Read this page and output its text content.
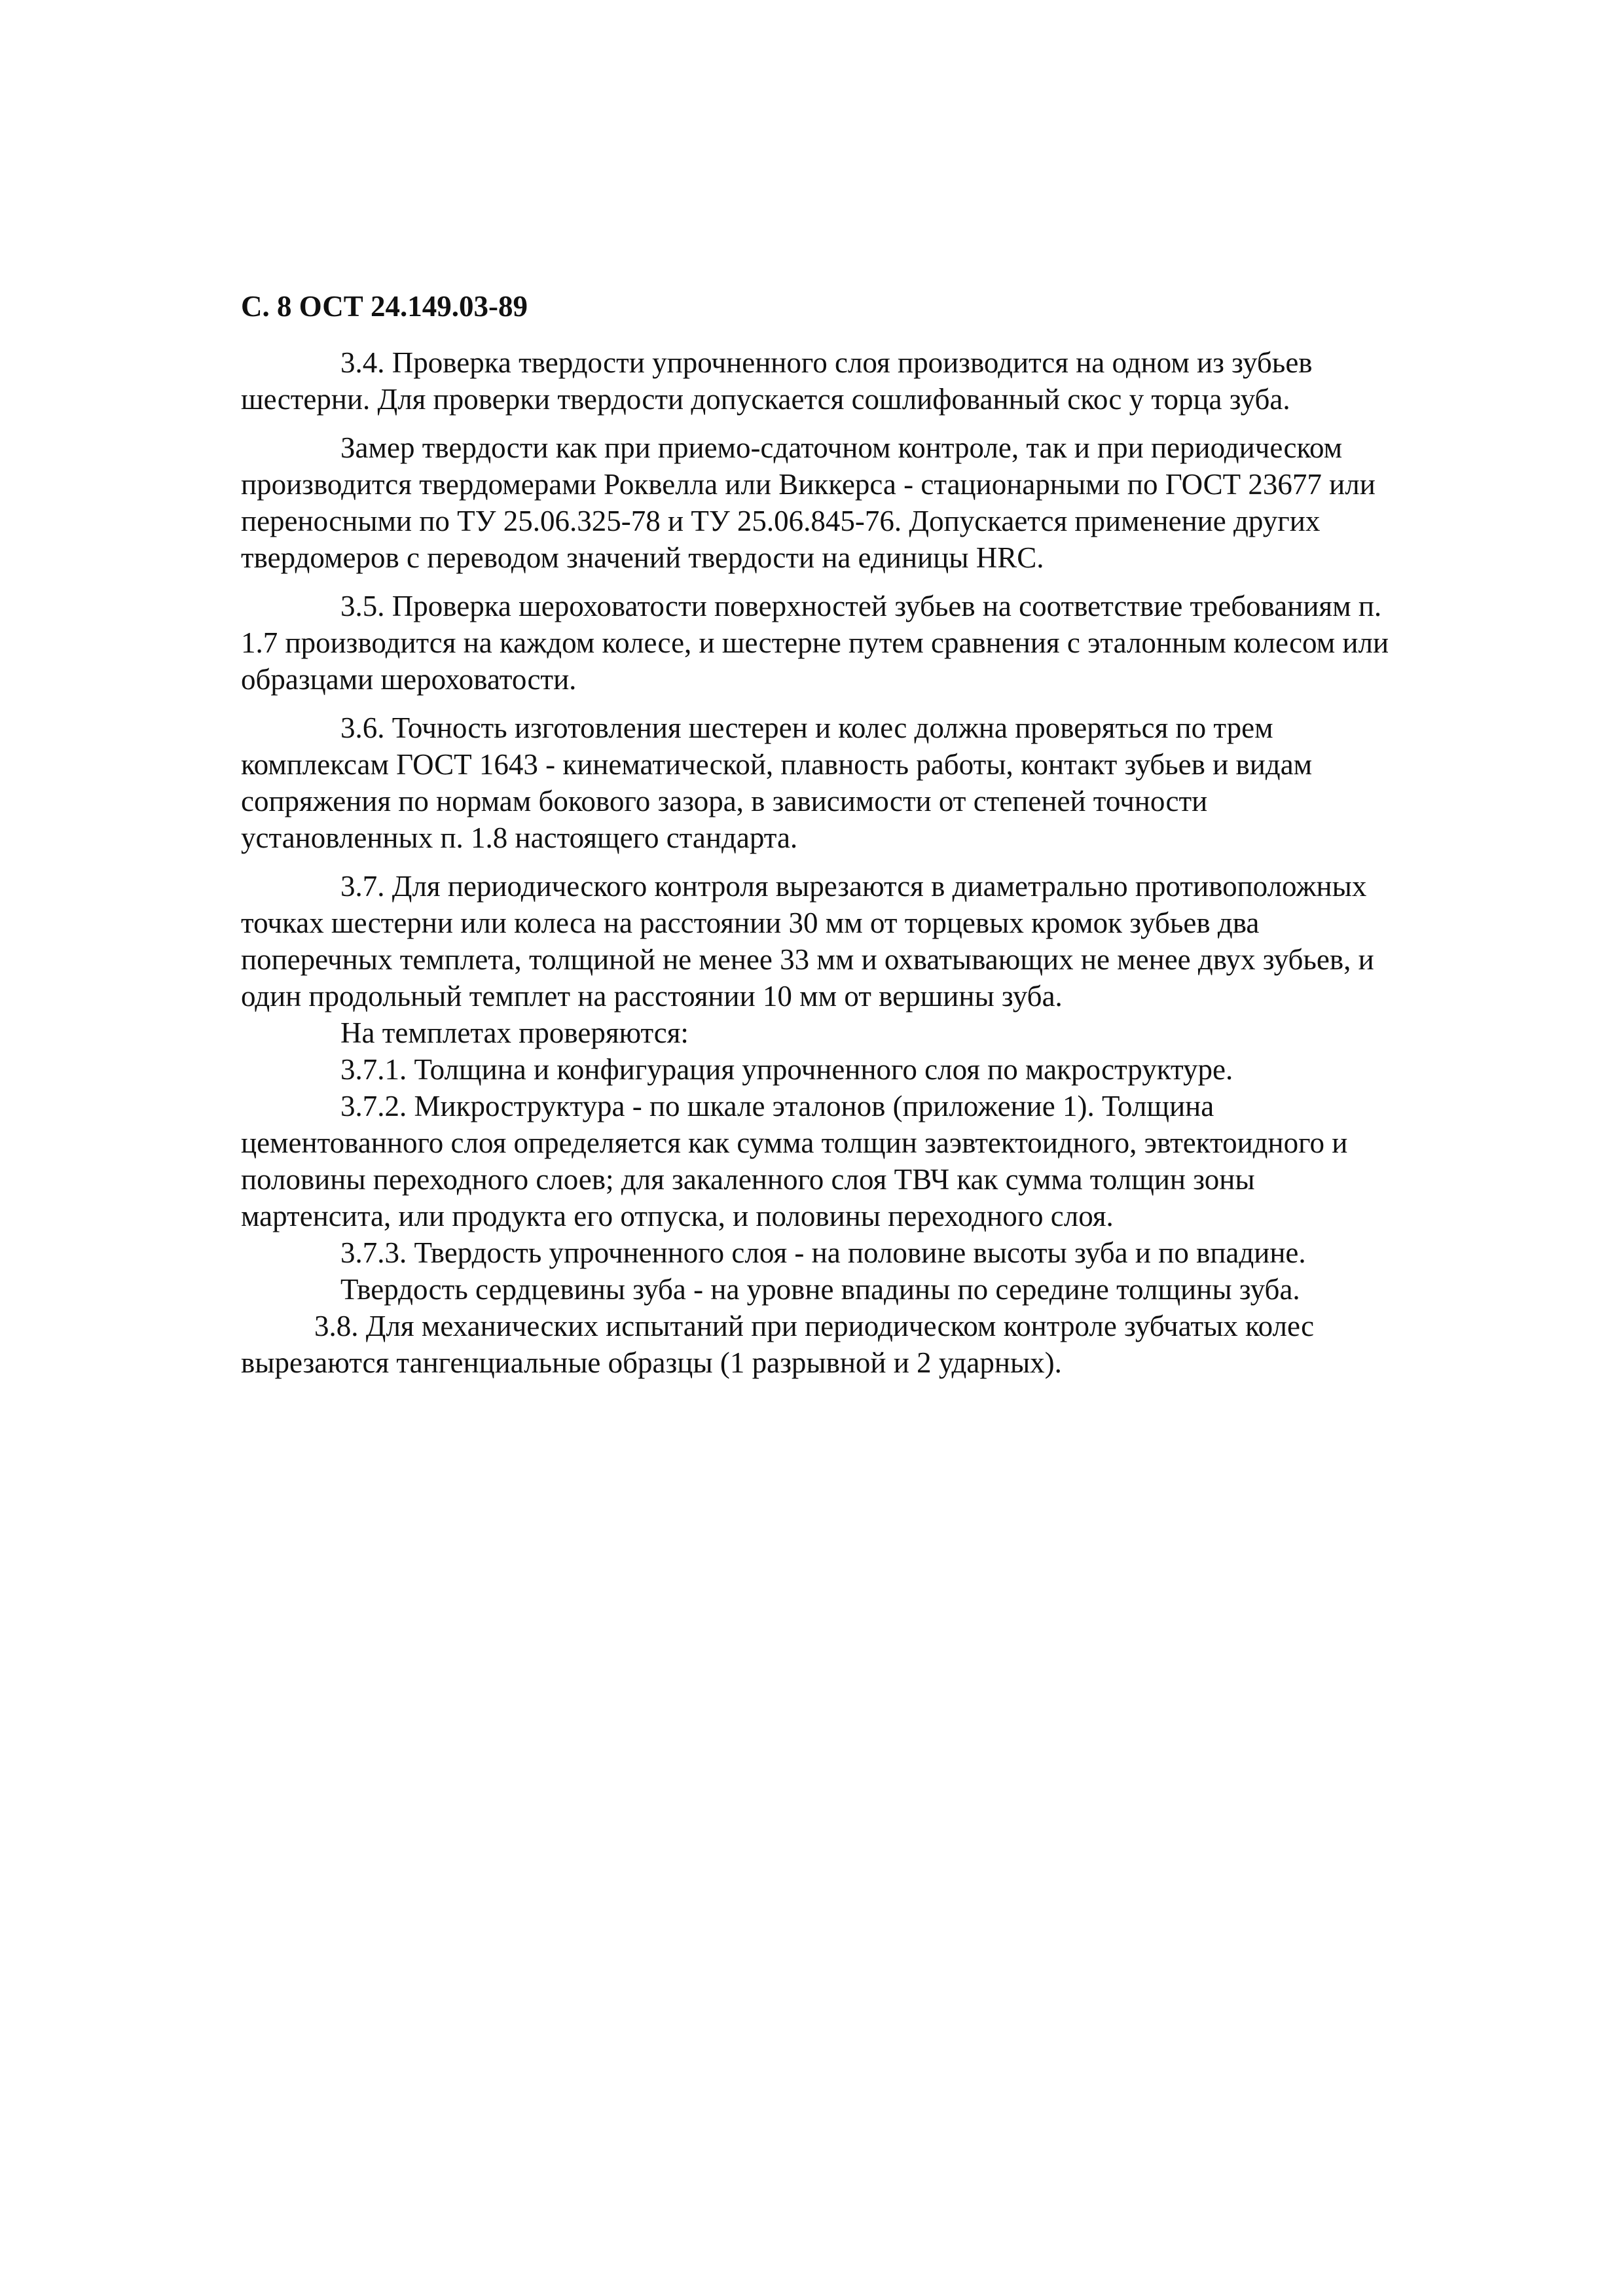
С. 8 ОСТ 24.149.03-89

3.4. Проверка твердости упрочненного слоя производится на одном из зубьев шестерни. Для проверки твердости допускается сошлифованный скос у торца зуба.

Замер твердости как при приемо-сдаточном контроле, так и при периодическом производится твердомерами Роквелла или Виккерса - стационарными по ГОСТ 23677 или переносными по ТУ 25.06.325-78 и ТУ 25.06.845-76. Допускается применение других твердомеров с переводом значений твердости на единицы HRC.

3.5. Проверка шероховатости поверхностей зубьев на соответствие требованиям п. 1.7 производится на каждом колесе, и шестерне путем сравнения с эталонным колесом или образцами шероховатости.

3.6. Точность изготовления шестерен и колес должна проверяться по трем комплексам ГОСТ 1643 - кинематической, плавность работы, контакт зубьев и видам сопряжения по нормам бокового зазора, в зависимости от степеней точности установленных п. 1.8 настоящего стандарта.

3.7. Для периодического контроля вырезаются в диаметрально противоположных точках шестерни или колеса на расстоянии 30 мм от торцевых кромок зубьев два поперечных темплета, толщиной не менее 33 мм и охватывающих не менее двух зубьев, и один продольный темплет на расстоянии 10 мм от вершины зуба.

На темплетах проверяются:

3.7.1. Толщина и конфигурация упрочненного слоя по макроструктуре.

3.7.2. Микроструктура - по шкале эталонов (приложение 1). Толщина цементованного слоя определяется как сумма толщин заэвтектоидного, эвтектоидного и половины переходного слоев; для закаленного слоя ТВЧ как сумма толщин зоны мартенсита, или продукта его отпуска, и половины переходного слоя.

3.7.3. Твердость упрочненного слоя - на половине высоты зуба и по впадине.

Твердость сердцевины зуба - на уровне впадины по середине толщины зуба.

3.8. Для механических испытаний при периодическом контроле зубчатых колес вырезаются тангенциальные образцы (1 разрывной и 2 ударных).
